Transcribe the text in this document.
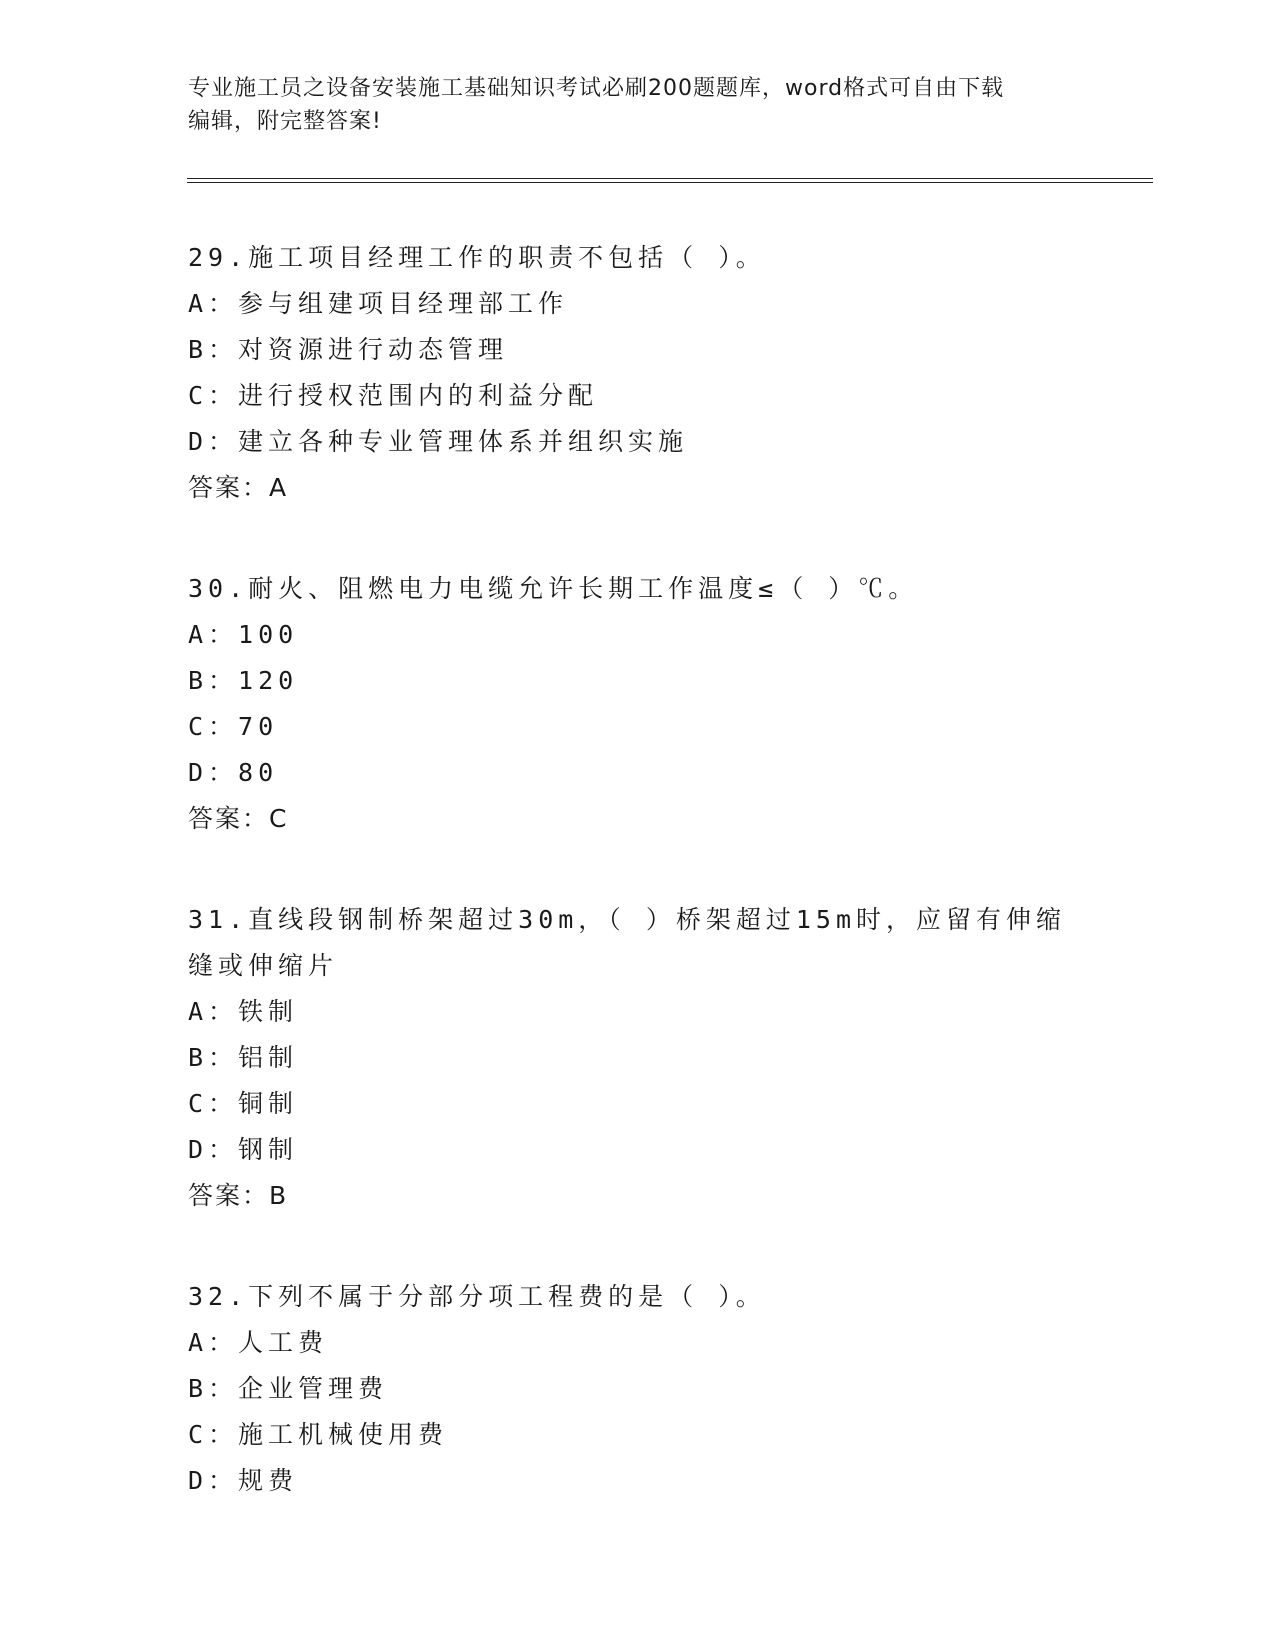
专业施工员之设备安装施工基础知识考试必刷200题题库，word格式可自由下载
编辑，附完整答案!
29.施工项目经理工作的职责不包括（ ）。
A：参与组建项目经理部工作
B：对资源进行动态管理
C：进行授权范围内的利益分配
D：建立各种专业管理体系并组织实施
答案：A
30.耐火、阻燃电力电缆允许长期工作温度≤（ ）℃。
A：100
B：120
C：70
D：80
答案：C
31.直线段钢制桥架超过30m，（ ）桥架超过15m时，应留有伸缩缝或伸缩片
A：铁制
B：铝制
C：铜制
D：钢制
答案：B
32.下列不属于分部分项工程费的是（ ）。
A：人工费
B：企业管理费
C：施工机械使用费
D：规费
